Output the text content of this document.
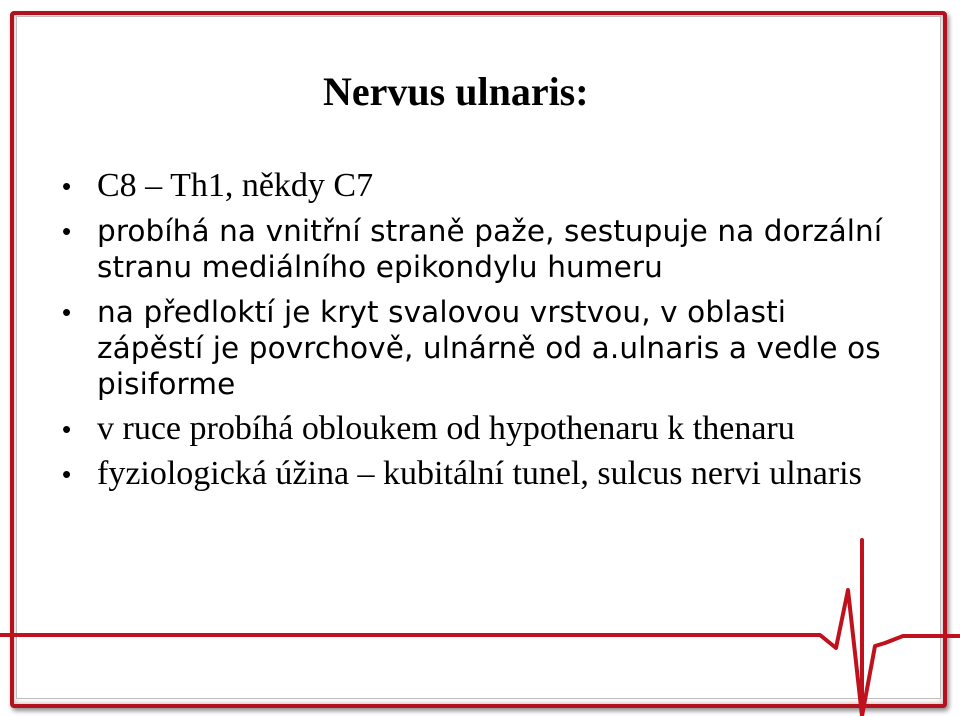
Nervus ulnaris:
• C8 – Th1, někdy C7
• probíhá na vnitřní straně paže, sestupuje na dorzální stranu mediálního epikondylu humeru
• na předloktí je kryt svalovou vrstvou, v oblasti zápěstí je povrchově, ulnárně od a.ulnaris a vedle os pisiforme
• v ruce probíhá obloukem od hypothenaru k thenaru
• fyziologická úžina – kubitální tunel, sulcus nervi ulnaris
